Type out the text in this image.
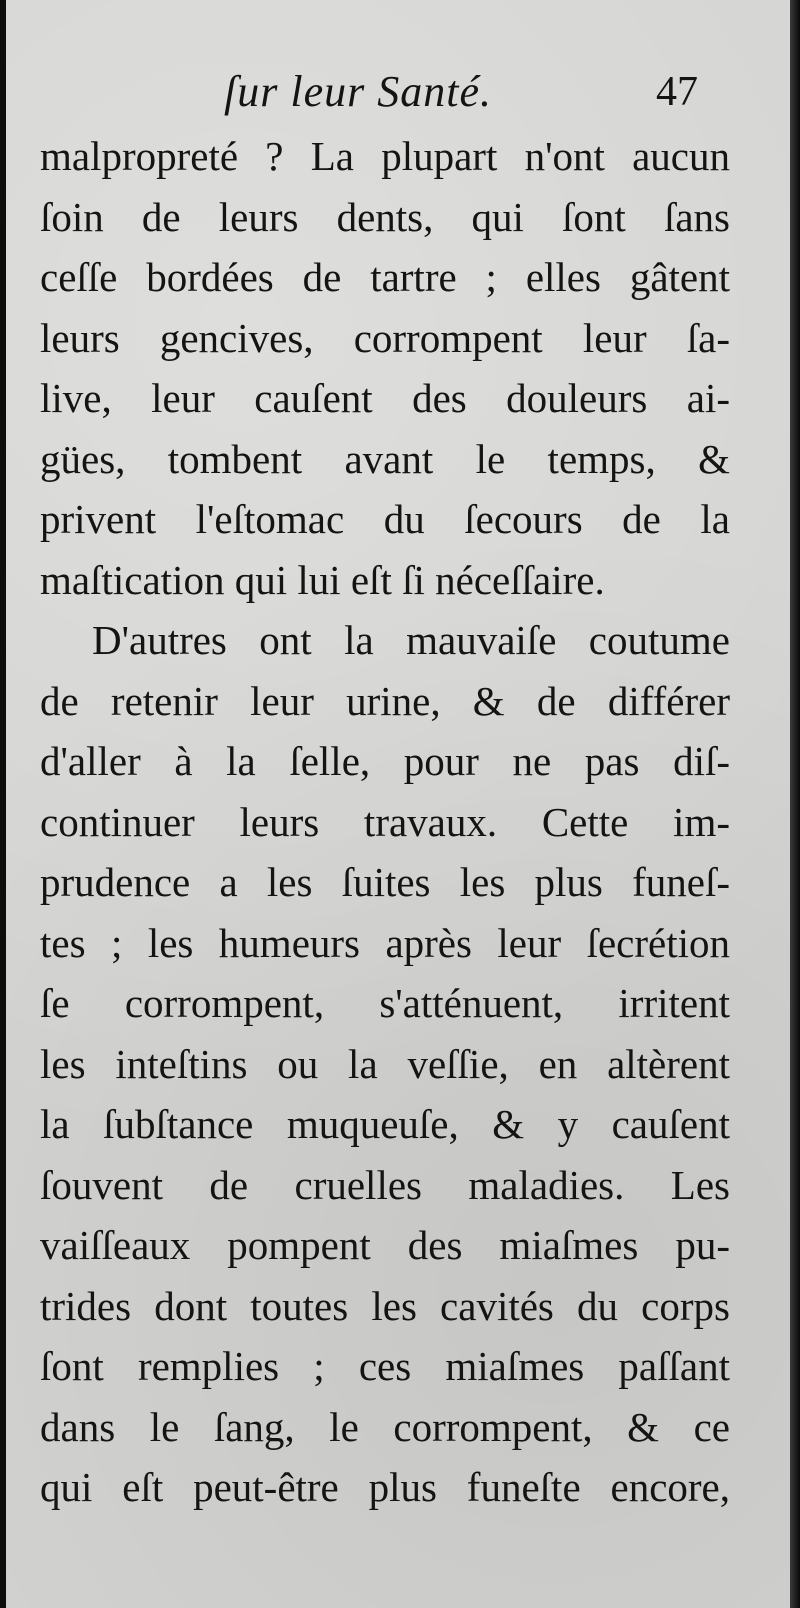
ſur leur Santé.	47
malpropreté ? La plupart n'ont aucun
ſoin de leurs dents, qui ſont ſans
ceſſe bordées de tartre ; elles gâtent
leurs gencives, corrompent leur ſa-
live, leur cauſent des douleurs ai-
gües, tombent avant le temps, &
privent l'eſtomac du ſecours de la
maſtication qui lui eſt ſi néceſſaire.
D'autres ont la mauvaiſe coutume
de retenir leur urine, & de différer
d'aller à la ſelle, pour ne pas diſ-
continuer leurs travaux. Cette im-
prudence a les ſuites les plus funeſ-
tes ; les humeurs après leur ſecrétion
ſe corrompent, s'atténuent, irritent
les inteſtins ou la veſſie, en altèrent
la ſubſtance muqueuſe, & y cauſent
ſouvent de cruelles maladies. Les
vaiſſeaux pompent des miaſmes pu-
trides dont toutes les cavités du corps
ſont remplies ; ces miaſmes paſſant
dans le ſang, le corrompent, & ce
qui eſt peut-être plus funeſte encore,
